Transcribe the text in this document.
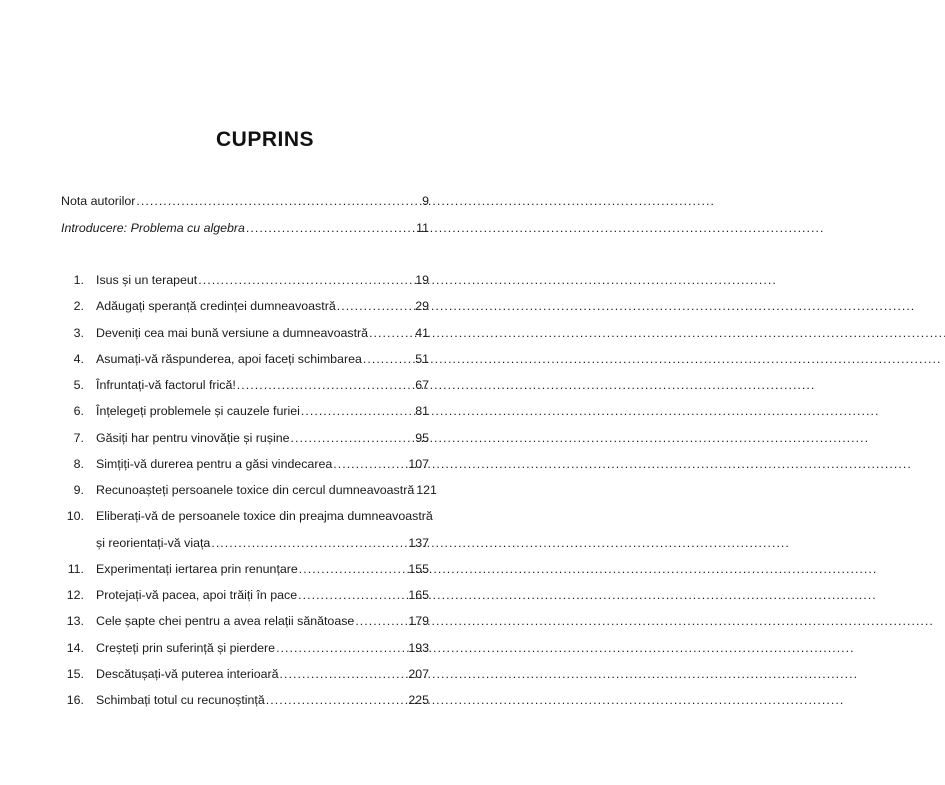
CUPRINS
Nota autorilor . . .	9
Introducere: Problema cu algebra . . .	11
1. Isus și un terapeut . . .	19
2. Adăugați speranță credinței dumneavoastră . . .	29
3. Deveniți cea mai bună versiune a dumneavoastră . . .	41
4. Asumați-vă răspunderea, apoi faceți schimbarea . . .	51
5. Înfruntați-vă factorul frică! . . .	67
6. Înțelegeți problemele și cauzele furiei . . .	81
7. Găsiți har pentru vinovăție și rușine . . .	95
8. Simțiți-vă durerea pentru a găsi vindecarea . . .	107
9. Recunoașteți persoanele toxice din cercul dumneavoastră 121
10. Eliberați-vă de persoanele toxice din preajma dumneavoastră
și reorientați-vă viața . . .	137
11. Experimentați iertarea prin renunțare . . .	155
12. Protejați-vă pacea, apoi trăiți în pace . . .	165
13. Cele șapte chei pentru a avea relații sănătoase . . .	179
14. Creșteți prin suferință și pierdere . . .	193
15. Descătușați-vă puterea interioară . . .	207
16. Schimbați totul cu recunoștință . . .	225
